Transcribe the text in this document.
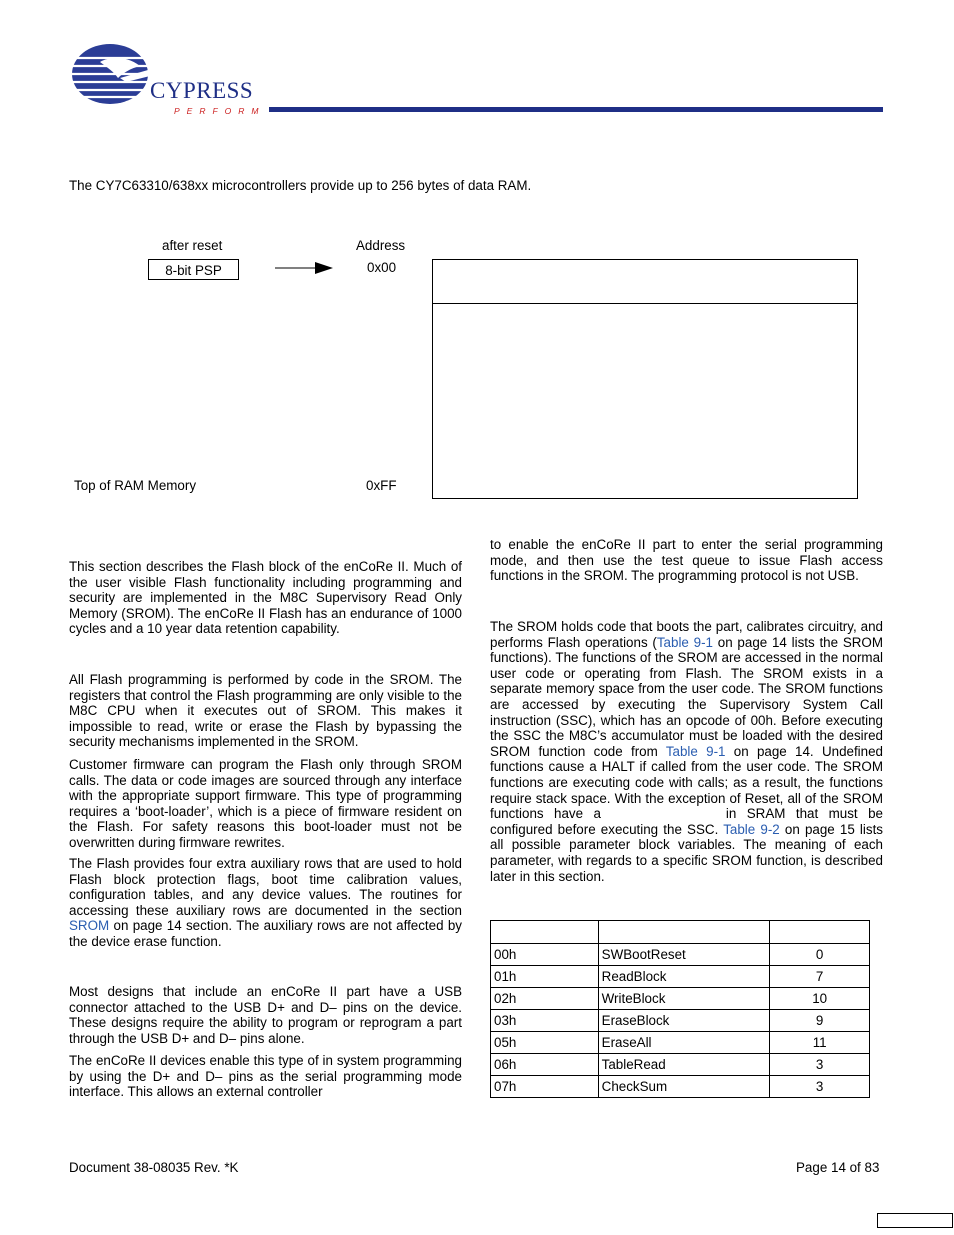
CYPRESS
PERFORM

The CY7C63310/638xx microcontrollers provide up to 256 bytes of data RAM.

after reset	Address
8-bit PSP	0x00
Top of RAM Memory	0xFF

This section describes the Flash block of the enCoRe II. Much of the user visible Flash functionality including programming and security are implemented in the M8C Supervisory Read Only Memory (SROM). The enCoRe II Flash has an endurance of 1000 cycles and a 10 year data retention capability.

All Flash programming is performed by code in the SROM. The registers that control the Flash programming are only visible to the M8C CPU when it executes out of SROM. This makes it impossible to read, write or erase the Flash by bypassing the security mechanisms implemented in the SROM.

Customer firmware can program the Flash only through SROM calls. The data or code images are sourced through any interface with the appropriate support firmware. This type of programming requires a ‘boot-loader’, which is a piece of firmware resident on the Flash. For safety reasons this boot-loader must not be overwritten during firmware rewrites.

The Flash provides four extra auxiliary rows that are used to hold Flash block protection flags, boot time calibration values, configuration tables, and any device values. The routines for accessing these auxiliary rows are documented in the section SROM on page 14 section. The auxiliary rows are not affected by the device erase function.

Most designs that include an enCoRe II part have a USB connector attached to the USB D+ and D– pins on the device. These designs require the ability to program or reprogram a part through the USB D+ and D– pins alone.

The enCoRe II devices enable this type of in system programming by using the D+ and D– pins as the serial programming mode interface. This allows an external controller

to enable the enCoRe II part to enter the serial programming mode, and then use the test queue to issue Flash access functions in the SROM. The programming protocol is not USB.

The SROM holds code that boots the part, calibrates circuitry, and performs Flash operations (Table 9-1 on page 14 lists the SROM functions). The functions of the SROM are accessed in the normal user code or operating from Flash. The SROM exists in a separate memory space from the user code. The SROM functions are accessed by executing the Supervisory System Call instruction (SSC), which has an opcode of 00h. Before executing the SSC the M8C’s accumulator must be loaded with the desired SROM function code from Table 9-1 on page 14. Undefined functions cause a HALT if called from the user code. The SROM functions are executing code with calls; as a result, the functions require stack space. With the exception of Reset, all of the SROM functions have a	in SRAM that must be configured before executing the SSC. Table 9-2 on page 15 lists all possible parameter block variables. The meaning of each parameter, with regards to a specific SROM function, is described later in this section.

00h	SWBootReset	0
01h	ReadBlock	7
02h	WriteBlock	10
03h	EraseBlock	9
05h	EraseAll	11
06h	TableRead	3
07h	CheckSum	3
Document 38-08035 Rev. *K	Page 14 of 83
